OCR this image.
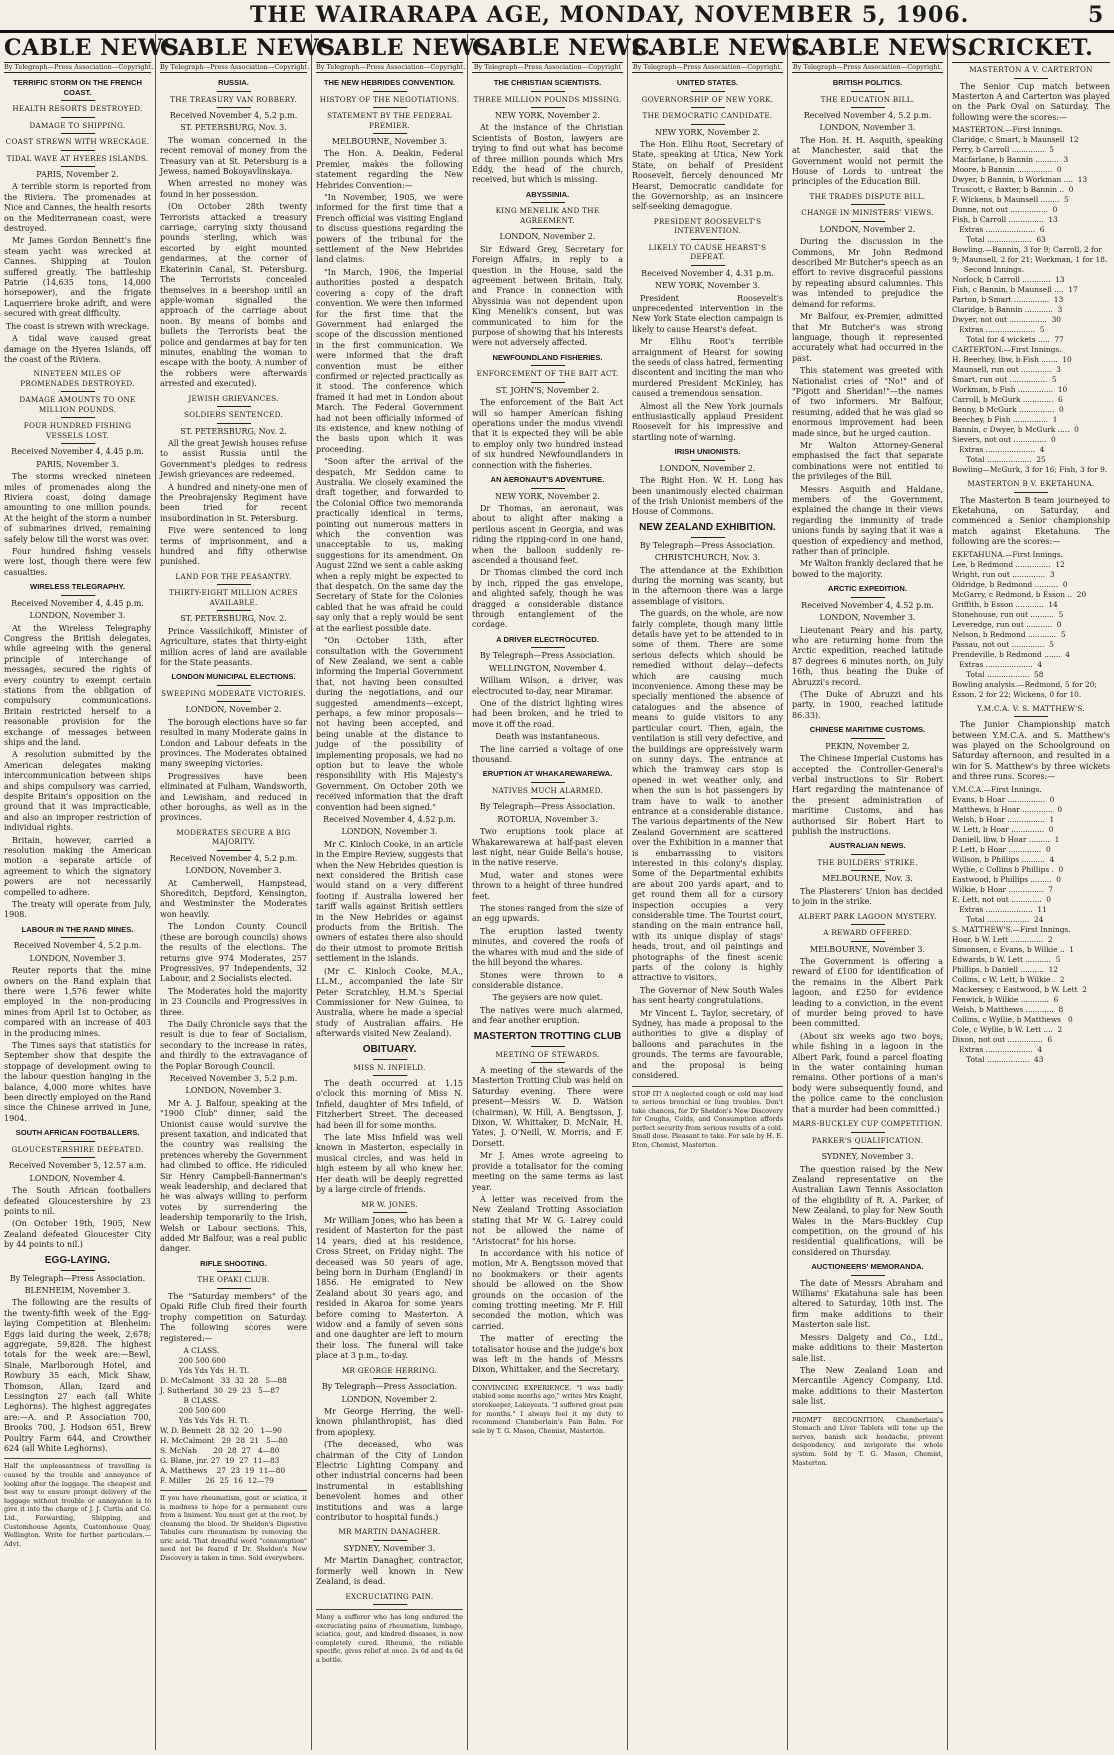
THE WAIRARAPA AGE, MONDAY, NOVEMBER 5, 1906.	5
CABLE NEWS.
By Telegraph—Press Association—Copyright.
TERRIFIC STORM ON THE FRENCH COAST.
HEALTH RESORTS DESTROYED.
DAMAGE TO SHIPPING.
COAST STREWN WITH WRECKAGE.
TIDAL WAVE AT HYERES ISLANDS.

PARIS, November 2.

A terrible storm is reported from the Riviera. The promenades at Nice and Cannes, the health resorts on the Mediterranean coast, were destroyed.

Mr James Gordon Bennett's fine steam yacht was wrecked at Cannes. Shipping at Toulon suffered greatly. The battleship Patrie (14,635 tons, 14,000 horsepower), and the frigate Laquerriere broke adrift, and were secured with great difficulty.

The coast is strewn with wreckage.

A tidal wave caused great damage on the Hyeres Islands, off the coast of the Riviera.

NINETEEN MILES OF PROMENADES DESTROYED.
DAMAGE AMOUNTS TO ONE MILLION POUNDS.
FOUR HUNDRED FISHING VESSELS LOST.

Received November 4, 4.45 p.m.

PARIS, November 3.

The storms wrecked nineteen miles of promenades along the Riviera coast, doing damage amounting to one million pounds. At the height of the storm a number of submarines drived, remaining safely below till the worst was over.

Four hundred fishing vessels were lost, though there were few casualties.

WIRELESS TELEGRAPHY.

Received November 4, 4.45 p.m.

LONDON, November 3.

At the Wireless Telegraphy Congress the British delegates, while agreeing with the general principle of interchange of messages, secured the rights of every country to exempt certain stations from the obligation of compulsory communications. Britain restricted herself to a reasonable provision for the exchange of messages between ships and the land.

A resolution submitted by the American delegates making intercommunication between ships and ships compulsory was carried, despite Britain's opposition on the ground that it was impracticable, and also an improper restriction of individual rights.

Britain, however, carried a resolution making the American motion a separate article of agreement to which the signatory powers are not necessarily compelled to adhere.

The treaty will operate from July, 1908.

LABOUR IN THE RAND MINES.

Received November 4, 5.2 p.m.

LONDON, November 3.

Reuter reports that the mine owners on the Rand explain that there were 1,576 fewer white employed in the non-producing mines from April 1st to October, as compared with an increase of 403 in the producing mines.

The Times says that statistics for September show that despite the stoppage of development owing to the labour question hanging in the balance, 4,000 more whites have been directly employed on the Rand since the Chinese arrived in June, 1904.

SOUTH AFRICAN FOOTBALLERS.
GLOUCESTERSHIRE DEFEATED.

Received November 5, 12.57 a.m.

LONDON, November 4.

The South African footballers defeated Gloucestershire by 23 points to nil.

(On October 19th, 1905, New Zealand defeated Gloucester City by 44 points to nil.)

EGG-LAYING.

By Telegraph—Press Association.

BLENHEIM, November 3.

The following are the results of the twenty-fifth week of the Egg-laying Competition at Blenheim: Eggs laid during the week, 2,678; aggregate, 59,828. The highest totals for the week are:—Bewl, Sinale, Marlborough Hotel, and Rowbury 35 each, Mick Shaw, Thomson, Allan, Izard and Lessington 27 each (all White Leghorns). The highest aggregates are:—A. and P. Association 700, Brooks 700, J. Hodson 651, Brew Poultry Farm 644, and Crowther 624 (all White Leghorns).

Half the unpleasantness of travelling is caused by the trouble and annoyance of looking after the luggage. The cheapest and best way to ensure prompt delivery of the luggage without trouble or annoyance is to give it into the charge of J. J. Curtis and Co. Ltd., Forwarding, Shipping, and Customhouse Agents, Customhouse Quay, Wellington. Write for further particulars.—Advt.
CABLE NEWS.
By Telegraph—Press Association—Copyright.
RUSSIA.
THE TREASURY VAN ROBBERY.

Received November 4, 5.2 p.m.

ST. PETERSBURG, Nov. 3.

The woman concerned in the recent removal of money from the Treasury van at St. Petersburg is a Jewess, named Bokoyavlinskaya.

When arrested no money was found in her possession.

(On October 28th twenty Terrorists attacked a treasury carriage, carrying sixty thousand pounds sterling, which was escorted by eight mounted gendarmes, at the corner of Ekaterinin Canal, St. Petersburg. The Terrorists concealed themselves in a beershop until an apple-woman signalled the approach of the carriage about noon. By means of bombs and bullets the Terrorists beat the police and gendarmes at bay for ten minutes, enabling the woman to escape with the booty. A number of the robbers were afterwards arrested and executed).

JEWISH GRIEVANCES.
SOLDIERS SENTENCED.

ST. PETERSBURG, Nov. 2.

All the great Jewish houses refuse to assist Russia until the Government's pledges to redress Jewish grievances are redeemed.

A hundred and ninety-one men of the Preobrajensky Regiment have been tried for recent insubordination in St. Petersburg.

Five were sentenced to long terms of imprisonment, and a hundred and fifty otherwise punished.

LAND FOR THE PEASANTRY.
THIRTY-EIGHT MILLION ACRES AVAILABLE.

ST. PETERSBURG, Nov. 2.

Prince Vassilchikoff, Minister of Agriculture, states that thirty-eight million acres of land are available for the State peasants.

LONDON MUNICIPAL ELECTIONS.
SWEEPING MODERATE VICTORIES.

LONDON, November 2.

The borough elections have so far resulted in many Moderate gains in London and Labour defeats in the provinces. The Moderates obtained many sweeping victories.

Progressives have been eliminated at Fulham, Wandsworth, and Lewisham, and reduced in other boroughs, as well as in the provinces.

MODERATES SECURE A BIG MAJORITY.

Received November 4, 5.2 p.m.

LONDON, November 3.

At Camberwell, Hampstead, Shoreditch, Deptford, Kensington, and Westminster the Moderates won heavily.

The London County Council (these are borough councils) shows the results of the elections. The returns give 974 Moderates, 257 Progressives, 97 Independents, 32 Labour, and 2 Socialists elected.

The Moderates hold the majority in 23 Councils and Progressives in three.

The Daily Chronicle says that the result is due to fear of Socialism, secondary to the increase in rates, and thirdly to the extravagance of the Poplar Borough Council.

Received November 3, 5.2 p.m.

LONDON, November 3.

Mr A. J. Balfour, speaking at the "1900 Club" dinner, said the Unionist cause would survive the present taxation, and indicated that the country was realising the pretences whereby the Government had climbed to office. He ridiculed Sir Henry Campbell-Bannerman's weak leadership, and declared that he was always willing to perform votes by surrendering the leadership temporarily to the Irish, Welsh or Labour sections. This, added Mr Balfour, was a real public danger.

RIFLE SHOOTING.
THE OPAKI CLUB.

The "Saturday members" of the Opaki Rifle Club fired their fourth trophy competition on Saturday. The following scores were registered:—

A CLASS.
200 500 600
Yds Yds Yds  H. Tl.
D. McCalmont   33  32  28   5—88
J. Sutherland  30  29  23   5—87
B CLASS.
200 500 600
Yds Yds Yds  H. Tl.
W. D. Bennett  28  32  20   1—90
H. McCalmont   29  28  21   5—80
S. McNab       20  28  27   4—80
G. Blane, jnr. 27  19  27  11—83
A. Matthews    27  23  19  11—80
F. Miller      26  25  16  12—79
If you have rheumatism, gout or sciatica, it is madness to hope for a permanent cure from a liniment. You must get at the root, by cleansing the blood. Dr Sheldon's Digestive Tabules cure rheumatism by removing the uric acid. That dreadful word "consumption" need not be feared if Dr. Sheldon's New Discovery is taken in time. Sold everywhere.
CABLE NEWS.
By Telegraph—Press Association—Copyright.
THE NEW HEBRIDES CONVENTION.
HISTORY OF THE NEGOTIATIONS.
STATEMENT BY THE FEDERAL PREMIER.

MELBOURNE, November 3.

The Hon. A. Deakin, Federal Premier, makes the following statement regarding the New Hebrides Convention:—

"In November, 1905, we were informed for the first time that a French official was visiting England to discuss questions regarding the powers of the tribunal for the settlement of the New Hebrides land claims.

"In March, 1906, the Imperial authorities posted a despatch covering a copy of the draft convention. We were then informed for the first time that the Government had enlarged the scope of the discussion mentioned in the first communication. We were informed that the draft convention must be either confirmed or rejected practically as it stood. The conference which framed it had met in London about March. The Federal Government had not been officially informed of its existence, and knew nothing of the basis upon which it was proceeding.

"Soon after the arrival of the despatch, Mr Seddon came to Australia. We closely examined the draft together, and forwarded to the Colonial Office two memoranda practically identical in terms, pointing out numerous matters in which the convention was unacceptable to us, making suggestions for its amendment. On August 22nd we sent a cable asking when a reply might be expected to that despatch. On the same day the Secretary of State for the Colonies cabled that he was afraid he could say only that a reply would be sent at the earliest possible date.

"On October 13th, after consultation with the Government of New Zealand, we sent a cable informing the Imperial Government that, not having been consulted during the negotiations, and our suggested amendments—except, perhaps, a few minor proposals—not having been accepted, and being unable at the distance to judge of the possibility of implementing proposals, we had no option but to leave the whole responsibility with His Majesty's Government. On October 20th we received information that the draft convention had been signed."

Received November 4, 4.52 p.m.

LONDON, November 3.

Mr C. Kinloch Cooke, in an article in the Empire Review, suggests that when the New Hebrides question is next considered the British case would stand on a very different footing if Australia lowered her tariff walls against British settlers in the New Hebrides or against products from the British. The owners of estates there also should do their utmost to promote British settlement in the islands.

(Mr C. Kinloch Cooke, M.A., LL.M., accompanied the late Sir Peter Scratchley, H.M.'s Special Commissioner for New Guinea, to Australia, where he made a special study of Australian affairs. He afterwards visited New Zealand).

OBITUARY.
MISS N. INFIELD.

The death occurred at 1.15 o'clock this morning of Miss N. Infield, daughter of Mrs Infield, of Fitzherbert Street. The deceased had been ill for some months.

The late Miss Infield was well known in Masterton, especially in musical circles, and was held in high esteem by all who knew her. Her death will be deeply regretted by a large circle of friends.

MR W. JONES.

Mr William Jones, who has been a resident of Masterton for the past 14 years, died at his residence, Cross Street, on Friday night. The deceased was 50 years of age, being born in Durham (England) in 1856. He emigrated to New Zealand about 30 years ago, and resided in Akaroa for some years before coming to Masterton. A widow and a family of seven sons and one daughter are left to mourn their loss. The funeral will take place at 3 p.m., to-day.

MR GEORGE HERRING.

By Telegraph—Press Association.

LONDON, November 2.

Mr George Herring, the well-known philanthropist, has died from apoplexy.

(The deceased, who was chairman of the City of London Electric Lighting Company and other industrial concerns had been instrumental in establishing benevolent homes and other institutions and was a large contributor to hospital funds.)

MR MARTIN DANAGHER.

SYDNEY, November 3.

Mr Martin Danagher, contractor, formerly well known in New Zealand, is dead.

EXCRUCIATING PAIN.
Many a sufferer who has long endured the excruciating pains of rheumatism, lumbago, sciatica, gout, and kindred diseases, is now completely cured. Rheumo, the reliable specific, gives relief at once. 2s 6d and 4s 6d a bottle.
CABLE NEWS.
By Telegraph—Press Association—Copyright
THE CHRISTIAN SCIENTISTS.
THREE MILLION POUNDS MISSING.

NEW YORK, November 2.

At the instance of the Christian Scientists of Boston, lawyers are trying to find out what has become of three million pounds which Mrs Eddy, the head of the church, received, but which is missing.

ABYSSINIA.
KING MENELIK AND THE AGREEMENT.

LONDON, November 2.

Sir Edward Grey, Secretary for Foreign Affairs, in reply to a question in the House, said the agreement between Britain, Italy, and France in connection with Abyssinia was not dependent upon King Menelik's consent, but was communicated to him for the purpose of showing that his interests were not adversely affected.

NEWFOUNDLAND FISHERIES.
ENFORCEMENT OF THE BAIT ACT.

ST. JOHN'S, November 2.

The enforcement of the Bait Act will so hamper American fishing operations under the modus vivendi that it is expected they will be able to employ only two hundred instead of six hundred Newfoundlanders in connection with the fisheries.

AN AERONAUT'S ADVENTURE.

NEW YORK, November 2.

Dr Thomas, an aeronaut, was about to alight after making a perilous ascent in Georgia, and was riding the ripping-cord in one hand, when the balloon suddenly re-ascended a thousand feet.

Dr Thomas climbed the cord inch by inch, ripped the gas envelope, and alighted safely, though he was dragged a considerable distance through entanglement of the cordage.

A DRIVER ELECTROCUTED.

By Telegraph—Press Association.

WELLINGTON, November 4.

William Wilson, a driver, was electrocuted to-day, near Miramar.

One of the district lighting wires had been broken, and he tried to move it off the road.

Death was instantaneous.

The line carried a voltage of one thousand.

ERUPTION AT WHAKAREWAREWA.
NATIVES MUCH ALARMED.

By Telegraph—Press Association.

ROTORUA, November 3.

Two eruptions took place at Whakarewarewa at half-past eleven last night, near Guide Bella's house, in the native reserve.

Mud, water and stones were thrown to a height of three hundred feet.

The stones ranged from the size of an egg upwards.

The eruption lasted twenty minutes, and covered the roofs of the whares with mud and the side of the hill beyond the whares.

Stones were thrown to a considerable distance.

The geysers are now quiet.

The natives were much alarmed, and fear another eruption.

MASTERTON TROTTING CLUB
MEETING OF STEWARDS.

A meeting of the stewards of the Masterton Trotting Club was held on Saturday evening. There were present—Messrs W. D. Watson (chairman), W. Hill, A. Bengtsson, J. Dixon, W. Whittaker, D. McNair, H. Yates, J. O'Neill, W. Morris, and F. Dorsett.

Mr J. Ames wrote agreeing to provide a totalisator for the coming meeting on the same terms as last year.

A letter was received from the New Zealand Trotting Association stating that Mr W. G. Lairey could not be allowed the name of "Aristocrat" for his horse.

In accordance with his notice of motion, Mr A. Bengtsson moved that no bookmakers or their agents should be allowed on the Show grounds on the occasion of the coming trotting meeting. Mr F. Hill seconded the motion, which was carried.

The matter of erecting the totalisator house and the judge's box was left in the hands of Messrs Dixon, Whittaker, and the Secretary.

CONVINCING EXPERIENCE. "I was badly stabled some months ago," writes Mrs Knight, storekeeper, Lakeyeats. "I suffered great pain for months." I always feel it my duty to recommend Chamberlain's Pain Balm. For sale by T. G. Mason, Chemist, Masterton.
CABLE NEWS.
By Telegraph—Press Association—Copyright.
UNITED STATES.
GOVERNORSHIP OF NEW YORK.
THE DEMOCRATIC CANDIDATE.

NEW YORK, November 2.

The Hon. Elihu Root, Secretary of State, speaking at Utica, New York State, on behalf of President Roosevelt, fiercely denounced Mr Hearst, Democratic candidate for the Governorship, as an insincere self-seeking demagogue.

PRESIDENT ROOSEVELT'S INTERVENTION.
LIKELY TO CAUSE HEARST'S DEFEAT.

Received November 4, 4.31 p.m.

NEW YORK, November 3.

President Roosevelt's unprecedented intervention in the New York State election campaign is likely to cause Hearst's defeat.

Mr Elihu Root's terrible arraignment of Hearst for sowing the seeds of class hatred, fermenting discontent and inciting the man who murdered President McKinley, has caused a tremendous sensation.

Almost all the New York journals enthusiastically applaud President Roosevelt for his impressive and startling note of warning.

IRISH UNIONISTS.

LONDON, November 2.

The Right Hon. W. H. Long has been unanimously elected chairman of the Irish Unionist members of the House of Commons.

NEW ZEALAND EXHIBITION.

By Telegraph—Press Association.

CHRISTCHURCH, Nov. 3.

The attendance at the Exhibition during the morning was scanty, but in the afternoon there was a large assemblage of visitors.

The guards, on the whole, are now fairly complete, though many little details have yet to be attended to in some of them. There are some serious defects which should be remedied without delay—defects which are causing much inconvenience. Among these may be specially mentioned the absence of catalogues and the absence of means to guide visitors to any particular court. Then, again, the ventilation is still very defective, and the buildings are oppressively warm on sunny days. The entrance at which the tramway cars stop is opened in wet weather only, and when the sun is hot passengers by tram have to walk to another entrance at a considerable distance. The various departments of the New Zealand Government are scattered over the Exhibition in a manner that is embarrassing to visitors interested in this colony's display. Some of the Departmental exhibits are about 200 yards apart, and to get round them all for a cursory inspection occupies a very considerable time. The Tourist court, standing on the main entrance hall, with its unique display of stags' heads, trout, and oil paintings and photographs of the finest scenic parts of the colony is highly attractive to visitors.

The Governor of New South Wales has sent hearty congratulations.

Mr Vincent L. Taylor, secretary, of Sydney, has made a proposal to the authorities to give a display of balloons and parachutes in the grounds. The terms are favourable, and the proposal is being considered.

STOP IT! A neglected cough or cold may lead to serious bronchial or lung troubles. Don't take chances, for Dr Sheldon's New Discovery for Coughs, Colds, and Consumption affords perfect security from serious results of a cold. Small dose. Pleasant to take. For sale by H. E. Eton, Chemist, Masterton.
CABLE NEWS.
By Telegraph—Press Association—Copyright.
BRITISH POLITICS.
THE EDUCATION BILL.

Received November 4, 5.2 p.m.

LONDON, November 3.

The Hon. H. H. Asquith, speaking at Manchester, said that the Government would not permit the House of Lords to untreat the principles of the Education Bill.

THE TRADES DISPUTE BILL.
CHANGE IN MINISTERS' VIEWS.

LONDON, November 2.

During the discussion in the Commons, Mr John Redmond described Mr Butcher's speech as an effort to revive disgraceful passions by repeating absurd calumnies. This was intended to prejudice the demand for reforms.

Mr Balfour, ex-Premier, admitted that Mr Butcher's was strong language, though it represented accurately what had occurred in the past.

This statement was greeted with Nationalist cries of "No!" and of "Pigott and Sheridan!"—the names of two informers. Mr Balfour, resuming, added that he was glad so enormous improvement had been made since, but he urged caution.

Mr Walton Attorney-General emphasised the fact that separate combinations were not entitled to the privileges of the Bill.

Messrs Asquith and Haldane, members of the Government, explained the change in their views regarding the immunity of trade unions funds by saying that it was a question of expediency and method, rather than of principle.

Mr Walton frankly declared that he bowed to the majority.

ARCTIC EXPEDITION.

Received November 4, 4.52 p.m.

LONDON, November 3.

Lieutenant Peary and his party, who are returning home from the Arctic expedition, reached latitude 87 degrees 6 minutes north, on July 16th, thus beating the Duke of Abruzzi's record.

(The Duke of Abruzzi and his party, in 1900, reached latitude 86.33).

CHINESE MARITIME CUSTOMS.

PEKIN, November 2.

The Chinese Imperial Customs has accepted the Controller-General's verbal instructions to Sir Robert Hart regarding the maintenance of the present administration of maritime Customs, and has authorised Sir Robert Hart to publish the instructions.

AUSTRALIAN NEWS.
THE BUILDERS' STRIKE.

MELBOURNE, Nov. 3.

The Plasterers' Union has decided to join in the strike.

ALBERT PARK LAGOON MYSTERY.
A REWARD OFFERED.

MELBOURNE, November 3.

The Government is offering a reward of £100 for identification of the remains in the Albert Park lagoon, and £250 for evidence leading to a conviction, in the event of murder being proved to have been committed.

(About six weeks ago two boys, while fishing in a lagoon in the Albert Park, found a parcel floating in the water containing human remains. Other portions of a man's body were subsequently found, and the police came to the conclusion that a murder had been committed.)

MARS-BUCKLEY CUP COMPETITION.
PARKER'S QUALIFICATION.

SYDNEY, November 3.

The question raised by the New Zealand representative on the Australian Lawn Tennis Association of the eligibility of R. A. Parker, of New Zealand, to play for New South Wales in the Mars-Buckley Cup competition, on the ground of his residential qualifications, will be considered on Thursday.

AUCTIONEERS' MEMORANDA.

The date of Messrs Abraham and Williams' Ekatahuna sale has been altered to Saturday, 10th inst. The firm make additions to their Masterton sale list.

Messrs Dalgety and Co., Ltd., make additions to their Masterton sale list.

The New Zealand Loan and Mercantile Agency Company, Ltd. make additions to their Masterton sale list.

PROMPT RECOGNITION. Chamberlain's Stomach and Liver Tablets will tone up the nerves, banish sick headache, prevent despondency, and invigorate the whole system. Sold by T. G. Mason, Chemist, Masterton.
CRICKET.
MASTERTON A V. CARTERTON

The Senior Cup match between Masterton A and Carterton was played on the Park Oval on Saturday. The following were the scores:—

MASTERTON.—First Innings.
Claridge, c Smart, b Maunsell  12
Perry, b Carroll ..............  5
Macfarlane, b Bannin ..........  3
Moore, b Bannin ...............  0
Dwyer, b Bannin, b Workman ....  13
Truscott, c Baxter, b Bannin ..  0
F. Wickens, b Maunsell ........  5
Dunne, not out ................  0
Fish, b Carroll ...............  13
Extras .....................  6
Total ...................  63
Bowling.—Bannin, 3 for 9; Carroll, 2 for 9; Maunsell, 2 for 21; Workman, 1 for 18.
Second Innings.
Norlock, b Carroll ............  13
Fish, c Bannin, b Maunsell ....  17
Parton, b Smart ...............  13
Claridge, b Bannin ............  3
Dwyer, not out ................  30
Extras .....................  5
Total for 4 wickets .....  77
CARTERTON.—First Innings.
H. Beechey, lbw, b Fish .......  10
Maunsell, run out .............  3
Smart, run out ................  5
Workman, b Fish ...............  10
Carroll, b McGurk .............  6
Benny, b McGurk ...............  0
Beechey, b Fish ...............  1
Bannin, c Dwyer, b McGurk .....  0
Sievers, not out ..............  0
Extras .....................  4
Total ...................  25
Bowling—McGurk, 3 for 16; Fish, 3 for 9.
MASTERTON B V. EKETAHUNA.

The Masterton B team journeyed to Eketahuna, on Saturday, and commenced a Senior championship match against Eketahuna. The following are the scores:—

EKETAHUNA.—First Innings.
Lee, b Redmond ...............  12
Wright, run out ..............  3
Oldridge, b Redmond ..........  0
McGarry, c Redmond, b Esson ..  20
Griffith, b Esson ............  14
Stonehouse, run out ..........  5
Leveredge, run out ...........  0
Nelson, b Redmond ............  5
Passau, not out ..............  5
Prendeville, b Redmond .......  4
Extras ....................  4
Total ..................  58
Bowling analysis.—Redmond, 5 for 20; Esson, 2 for 22; Wickens, 0 for 10.
Y.M.C.A. V. S. MATTHEW'S.

The Junior Championship match between Y.M.C.A. and S. Matthew's was played on the Schoolground on Saturday afternoon, and resulted in a win for S. Matthew's by three wickets and three runs. Scores:—

Y.M.C.A.—First Innings.
Evans, b Hoar ................  0
Matthews, b Hoar .............  0
Welsh, b Hoar ................  1
W. Lett, b Hoar ..............  0
Daniell, lbw, b Hoar .........  1
P. Lett, b Hoar ..............  0
Willson, b Phillips ..........  4
Wyllie, c Collins b Phillips .  0
Eastwood, b Phillips .........  0
Wilkie, b Hoar ...............  7
E. Lett, not out .............  0
Extras ....................  11
Total ..................  24
S. MATTHEW'S.—First Innings.
Hoar, b W. Lett ..............  2
Simonsen, c Evans, b Wilkie ..  1
Edwards, b W. Lett ...........  5
Phillips, b Daniell ..........  12
Collins, c W. Lett, b Wilkie .  2
Mackersey, c Eastwood, b W. Lett  2
Fenwick, b Wilkie ............  6
Welsh, b Matthews ............  8
Collins, c Wyllie, b Matthews   0
Cole, c Wyllie, b W. Lett ....  2
Dixon, not out ...............  6
Extras ....................  4
Total ..................  43
